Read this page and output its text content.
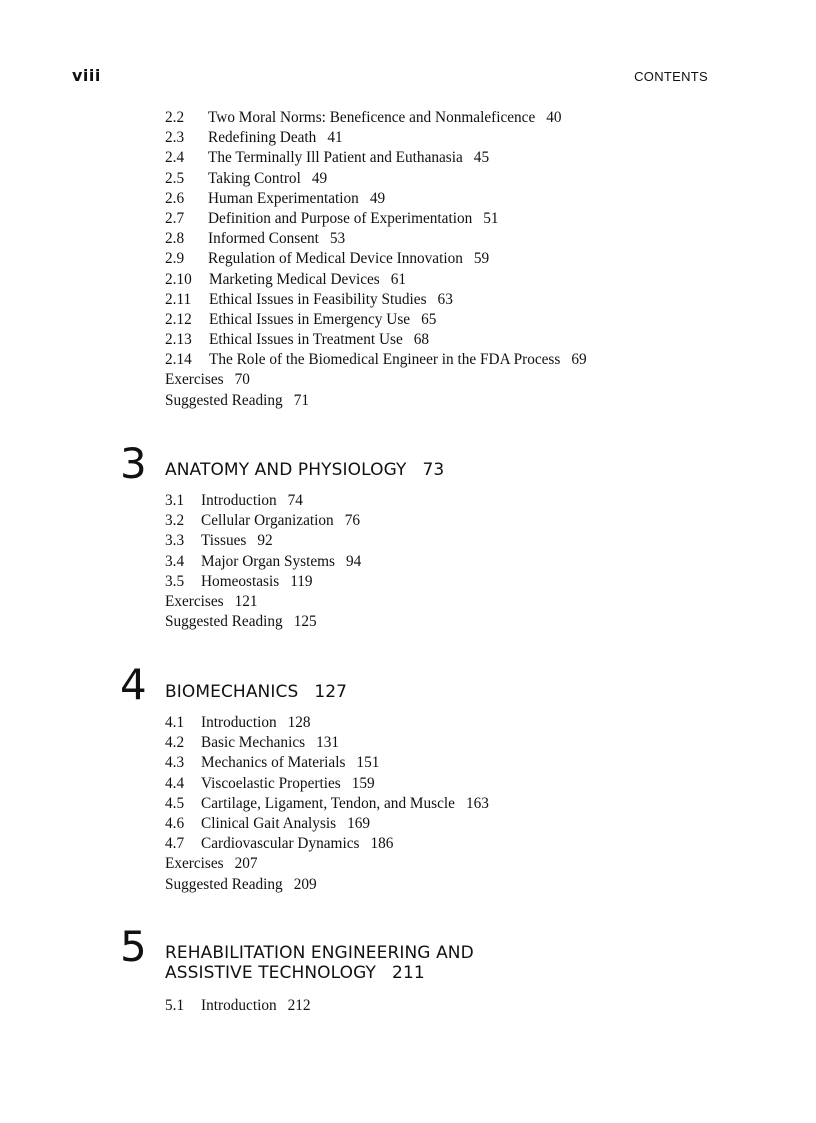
viii	CONTENTS
2.2 Two Moral Norms: Beneficence and Nonmaleficence 40
2.3 Redefining Death 41
2.4 The Terminally Ill Patient and Euthanasia 45
2.5 Taking Control 49
2.6 Human Experimentation 49
2.7 Definition and Purpose of Experimentation 51
2.8 Informed Consent 53
2.9 Regulation of Medical Device Innovation 59
2.10 Marketing Medical Devices 61
2.11 Ethical Issues in Feasibility Studies 63
2.12 Ethical Issues in Emergency Use 65
2.13 Ethical Issues in Treatment Use 68
2.14 The Role of the Biomedical Engineer in the FDA Process 69
Exercises 70
Suggested Reading 71
3 ANATOMY AND PHYSIOLOGY 73
3.1 Introduction 74
3.2 Cellular Organization 76
3.3 Tissues 92
3.4 Major Organ Systems 94
3.5 Homeostasis 119
Exercises 121
Suggested Reading 125
4 BIOMECHANICS 127
4.1 Introduction 128
4.2 Basic Mechanics 131
4.3 Mechanics of Materials 151
4.4 Viscoelastic Properties 159
4.5 Cartilage, Ligament, Tendon, and Muscle 163
4.6 Clinical Gait Analysis 169
4.7 Cardiovascular Dynamics 186
Exercises 207
Suggested Reading 209
5 REHABILITATION ENGINEERING AND
ASSISTIVE TECHNOLOGY 211
5.1 Introduction 212
